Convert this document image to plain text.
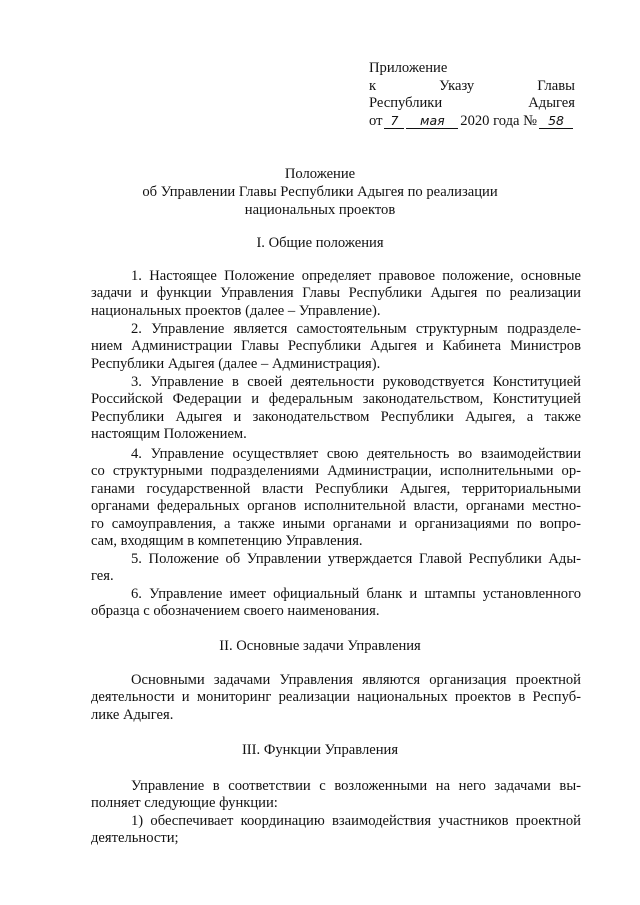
Приложение
к	Указу	Главы
Республики	Адыгея
от 7	мая	2020 года № 58
Положение
об Управлении Главы Республики Адыгея по реализации
национальных проектов
I. Общие положения
1. Настоящее Положение определяет правовое положение, основные
задачи и функции Управления Главы Республики Адыгея по реализации
национальных проектов (далее – Управление).
2. Управление является самостоятельным структурным подразделе-
нием Администрации Главы Республики Адыгея и Кабинета Министров
Республики Адыгея (далее – Администрация).
3. Управление в своей деятельности руководствуется Конституцией
Российской Федерации и федеральным законодательством, Конституцией
Республики Адыгея и законодательством Республики Адыгея, а также
настоящим Положением.
4. Управление осуществляет свою деятельность во взаимодействии
со структурными подразделениями Администрации, исполнительными ор-
ганами государственной власти Республики Адыгея, территориальными
органами федеральных органов исполнительной власти, органами местно-
го самоуправления, а также иными органами и организациями по вопро-
сам, входящим в компетенцию Управления.
5. Положение об Управлении утверждается Главой Республики Ады-
гея.
6. Управление имеет официальный бланк и штампы установленного
образца с обозначением своего наименования.
II. Основные задачи Управления
Основными задачами Управления являются организация проектной
деятельности и мониторинг реализации национальных проектов в Респуб-
лике Адыгея.
III. Функции Управления
Управление в соответствии с возложенными на него задачами вы-
полняет следующие функции:
1) обеспечивает координацию взаимодействия участников проектной
деятельности;
